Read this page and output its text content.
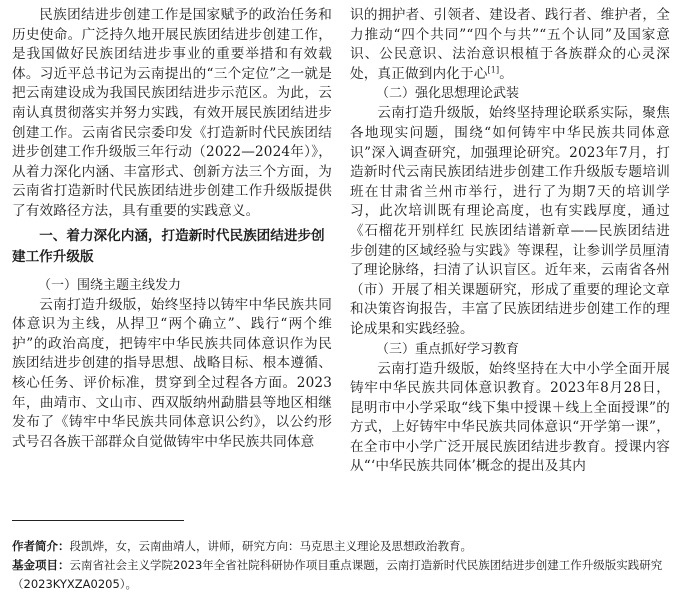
民族团结进步创建工作是国家赋予的政治任务和历史使命。广泛持久地开展民族团结进步创建工作，是我国做好民族团结进步事业的重要举措和有效载体。习近平总书记为云南提出的“三个定位”之一就是把云南建设成为我国民族团结进步示范区。为此，云南认真贯彻落实并努力实践，有效开展民族团结进步创建工作。云南省民宗委印发《打造新时代民族团结进步创建工作升级版三年行动（2022—2024年）》，从着力深化内涵、丰富形式、创新方法三个方面，为云南省打造新时代民族团结进步创建工作升级版提供了有效路径方法，具有重要的实践意义。

一、着力深化内涵，打造新时代民族团结进步创建工作升级版
（一）围绕主题主线发力

云南打造升级版，始终坚持以铸牢中华民族共同体意识为主线，从捍卫“两个确立”、践行“两个维护”的政治高度，把铸牢中华民族共同体意识作为民族团结进步创建的指导思想、战略目标、根本遵循、核心任务、评价标准，贯穿到全过程各方面。2023年，曲靖市、文山市、西双版纳州勐腊县等地区相继发布了《铸牢中华民族共同体意识公约》，以公约形式号召各族干部群众自觉做铸牢中华民族共同体意

识的拥护者、引领者、建设者、践行者、维护者，全力推动“四个共同”“四个与共”“五个认同”及国家意识、公民意识、法治意识根植于各族群众的心灵深处，真正做到内化于心[1]。

（二）强化思想理论武装

云南打造升级版，始终坚持理论联系实际，聚焦各地现实问题，围绕“如何铸牢中华民族共同体意识”深入调查研究，加强理论研究。2023年7月，打造新时代云南民族团结进步创建工作升级版专题培训班在甘肃省兰州市举行，进行了为期7天的培训学习，此次培训既有理论高度，也有实践厚度，通过《石榴花开别样红 民族团结谱新章——民族团结进步创建的区域经验与实践》等课程，让参训学员厘清了理论脉络，扫清了认识盲区。近年来，云南省各州（市）开展了相关课题研究，形成了重要的理论文章和决策咨询报告，丰富了民族团结进步创建工作的理论成果和实践经验。

（三）重点抓好学习教育

云南打造升级版，始终坚持在大中小学全面开展铸牢中华民族共同体意识教育。2023年8月28日，昆明市中小学采取“线下集中授课＋线上全面授课”的方式，上好铸牢中华民族共同体意识“开学第一课”，在全市中小学广泛开展民族团结进步教育。授课内容从“‘中华民族共同体’概念的提出及其内

作者简介：段凯烨，女，云南曲靖人，讲师，研究方向：马克思主义理论及思想政治教育。

基金项目：云南省社会主义学院2023年全省社院科研协作项目重点课题，云南打造新时代民族团结进步创建工作升级版实践研究（2023KYXZA0205）。
